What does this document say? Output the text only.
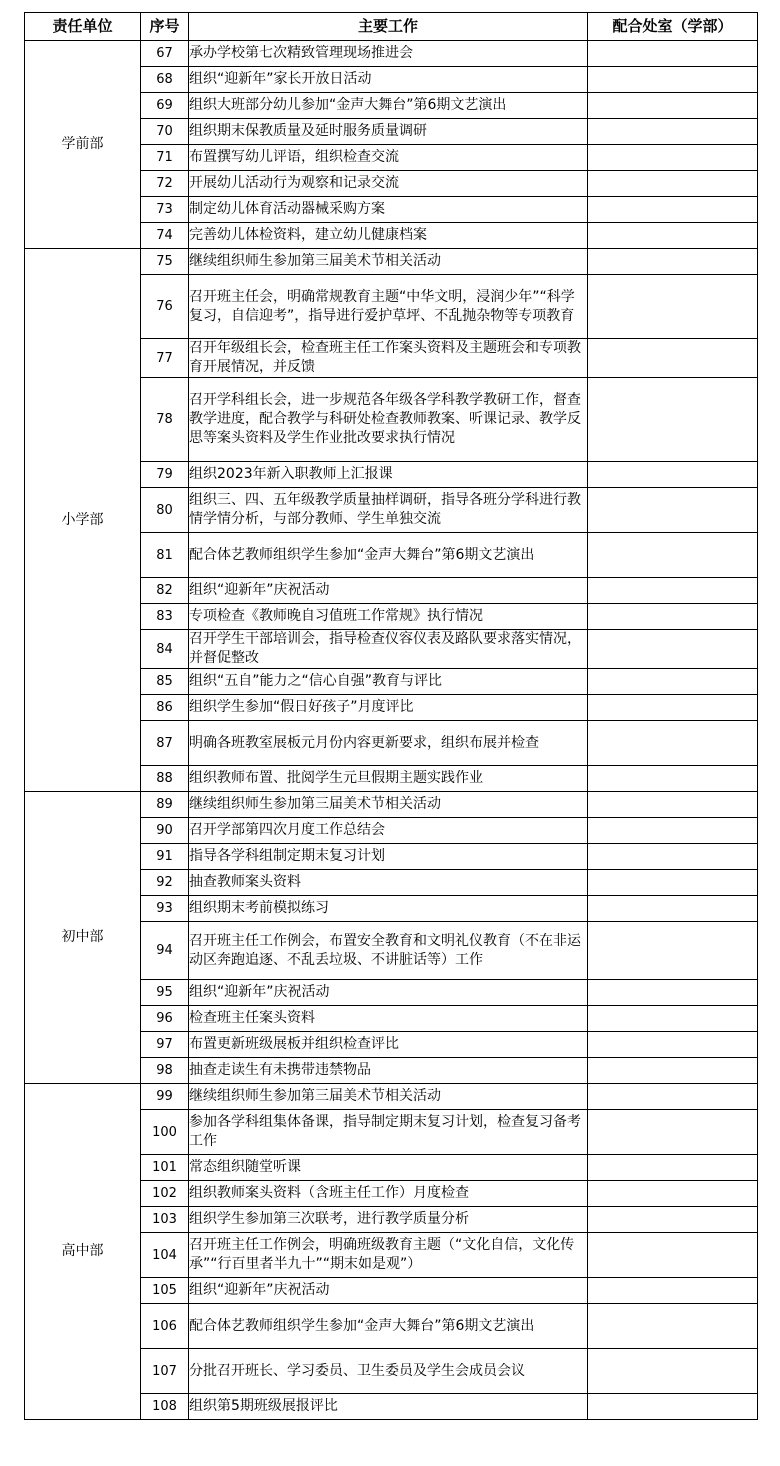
责任单位	序号	主要工作	配合处室（学部）
学前部	67	承办学校第七次精致管理现场推进会	
	68	组织“迎新年”家长开放日活动	
	69	组织大班部分幼儿参加“金声大舞台”第6期文艺演出	
	70	组织期末保教质量及延时服务质量调研	
	71	布置撰写幼儿评语，组织检查交流	
	72	开展幼儿活动行为观察和记录交流	
	73	制定幼儿体育活动器械采购方案	
	74	完善幼儿体检资料，建立幼儿健康档案	
小学部	75	继续组织师生参加第三届美术节相关活动	
	76	召开班主任会，明确常规教育主题“中华文明，浸润少年”“科学复习，自信迎考”，指导进行爱护草坪、不乱抛杂物等专项教育	
	77	召开年级组长会，检查班主任工作案头资料及主题班会和专项教育开展情况，并反馈	
	78	召开学科组长会，进一步规范各年级各学科教学教研工作，督查教学进度，配合教学与科研处检查教师教案、听课记录、教学反思等案头资料及学生作业批改要求执行情况	
	79	组织2023年新入职教师上汇报课	
	80	组织三、四、五年级教学质量抽样调研，指导各班分学科进行教情学情分析，与部分教师、学生单独交流	
	81	配合体艺教师组织学生参加“金声大舞台”第6期文艺演出	
	82	组织“迎新年”庆祝活动	
	83	专项检查《教师晚自习值班工作常规》执行情况	
	84	召开学生干部培训会，指导检查仪容仪表及路队要求落实情况，并督促整改	
	85	组织“五自”能力之“信心自强”教育与评比	
	86	组织学生参加“假日好孩子”月度评比	
	87	明确各班教室展板元月份内容更新要求，组织布展并检查	
	88	组织教师布置、批阅学生元旦假期主题实践作业	
初中部	89	继续组织师生参加第三届美术节相关活动	
	90	召开学部第四次月度工作总结会	
	91	指导各学科组制定期末复习计划	
	92	抽查教师案头资料	
	93	组织期末考前模拟练习	
	94	召开班主任工作例会，布置安全教育和文明礼仪教育（不在非运动区奔跑追逐、不乱丢垃圾、不讲脏话等）工作	
	95	组织“迎新年”庆祝活动	
	96	检查班主任案头资料	
	97	布置更新班级展板并组织检查评比	
	98	抽查走读生有未携带违禁物品	
高中部	99	继续组织师生参加第三届美术节相关活动	
	100	参加各学科组集体备课，指导制定期末复习计划，检查复习备考工作	
	101	常态组织随堂听课	
	102	组织教师案头资料（含班主任工作）月度检查	
	103	组织学生参加第三次联考，进行教学质量分析	
	104	召开班主任工作例会，明确班级教育主题（“文化自信，文化传承”“行百里者半九十”“期末如是观”）	
	105	组织“迎新年”庆祝活动	
	106	配合体艺教师组织学生参加“金声大舞台”第6期文艺演出	
	107	分批召开班长、学习委员、卫生委员及学生会成员会议	
	108	组织第5期班级展报评比	
